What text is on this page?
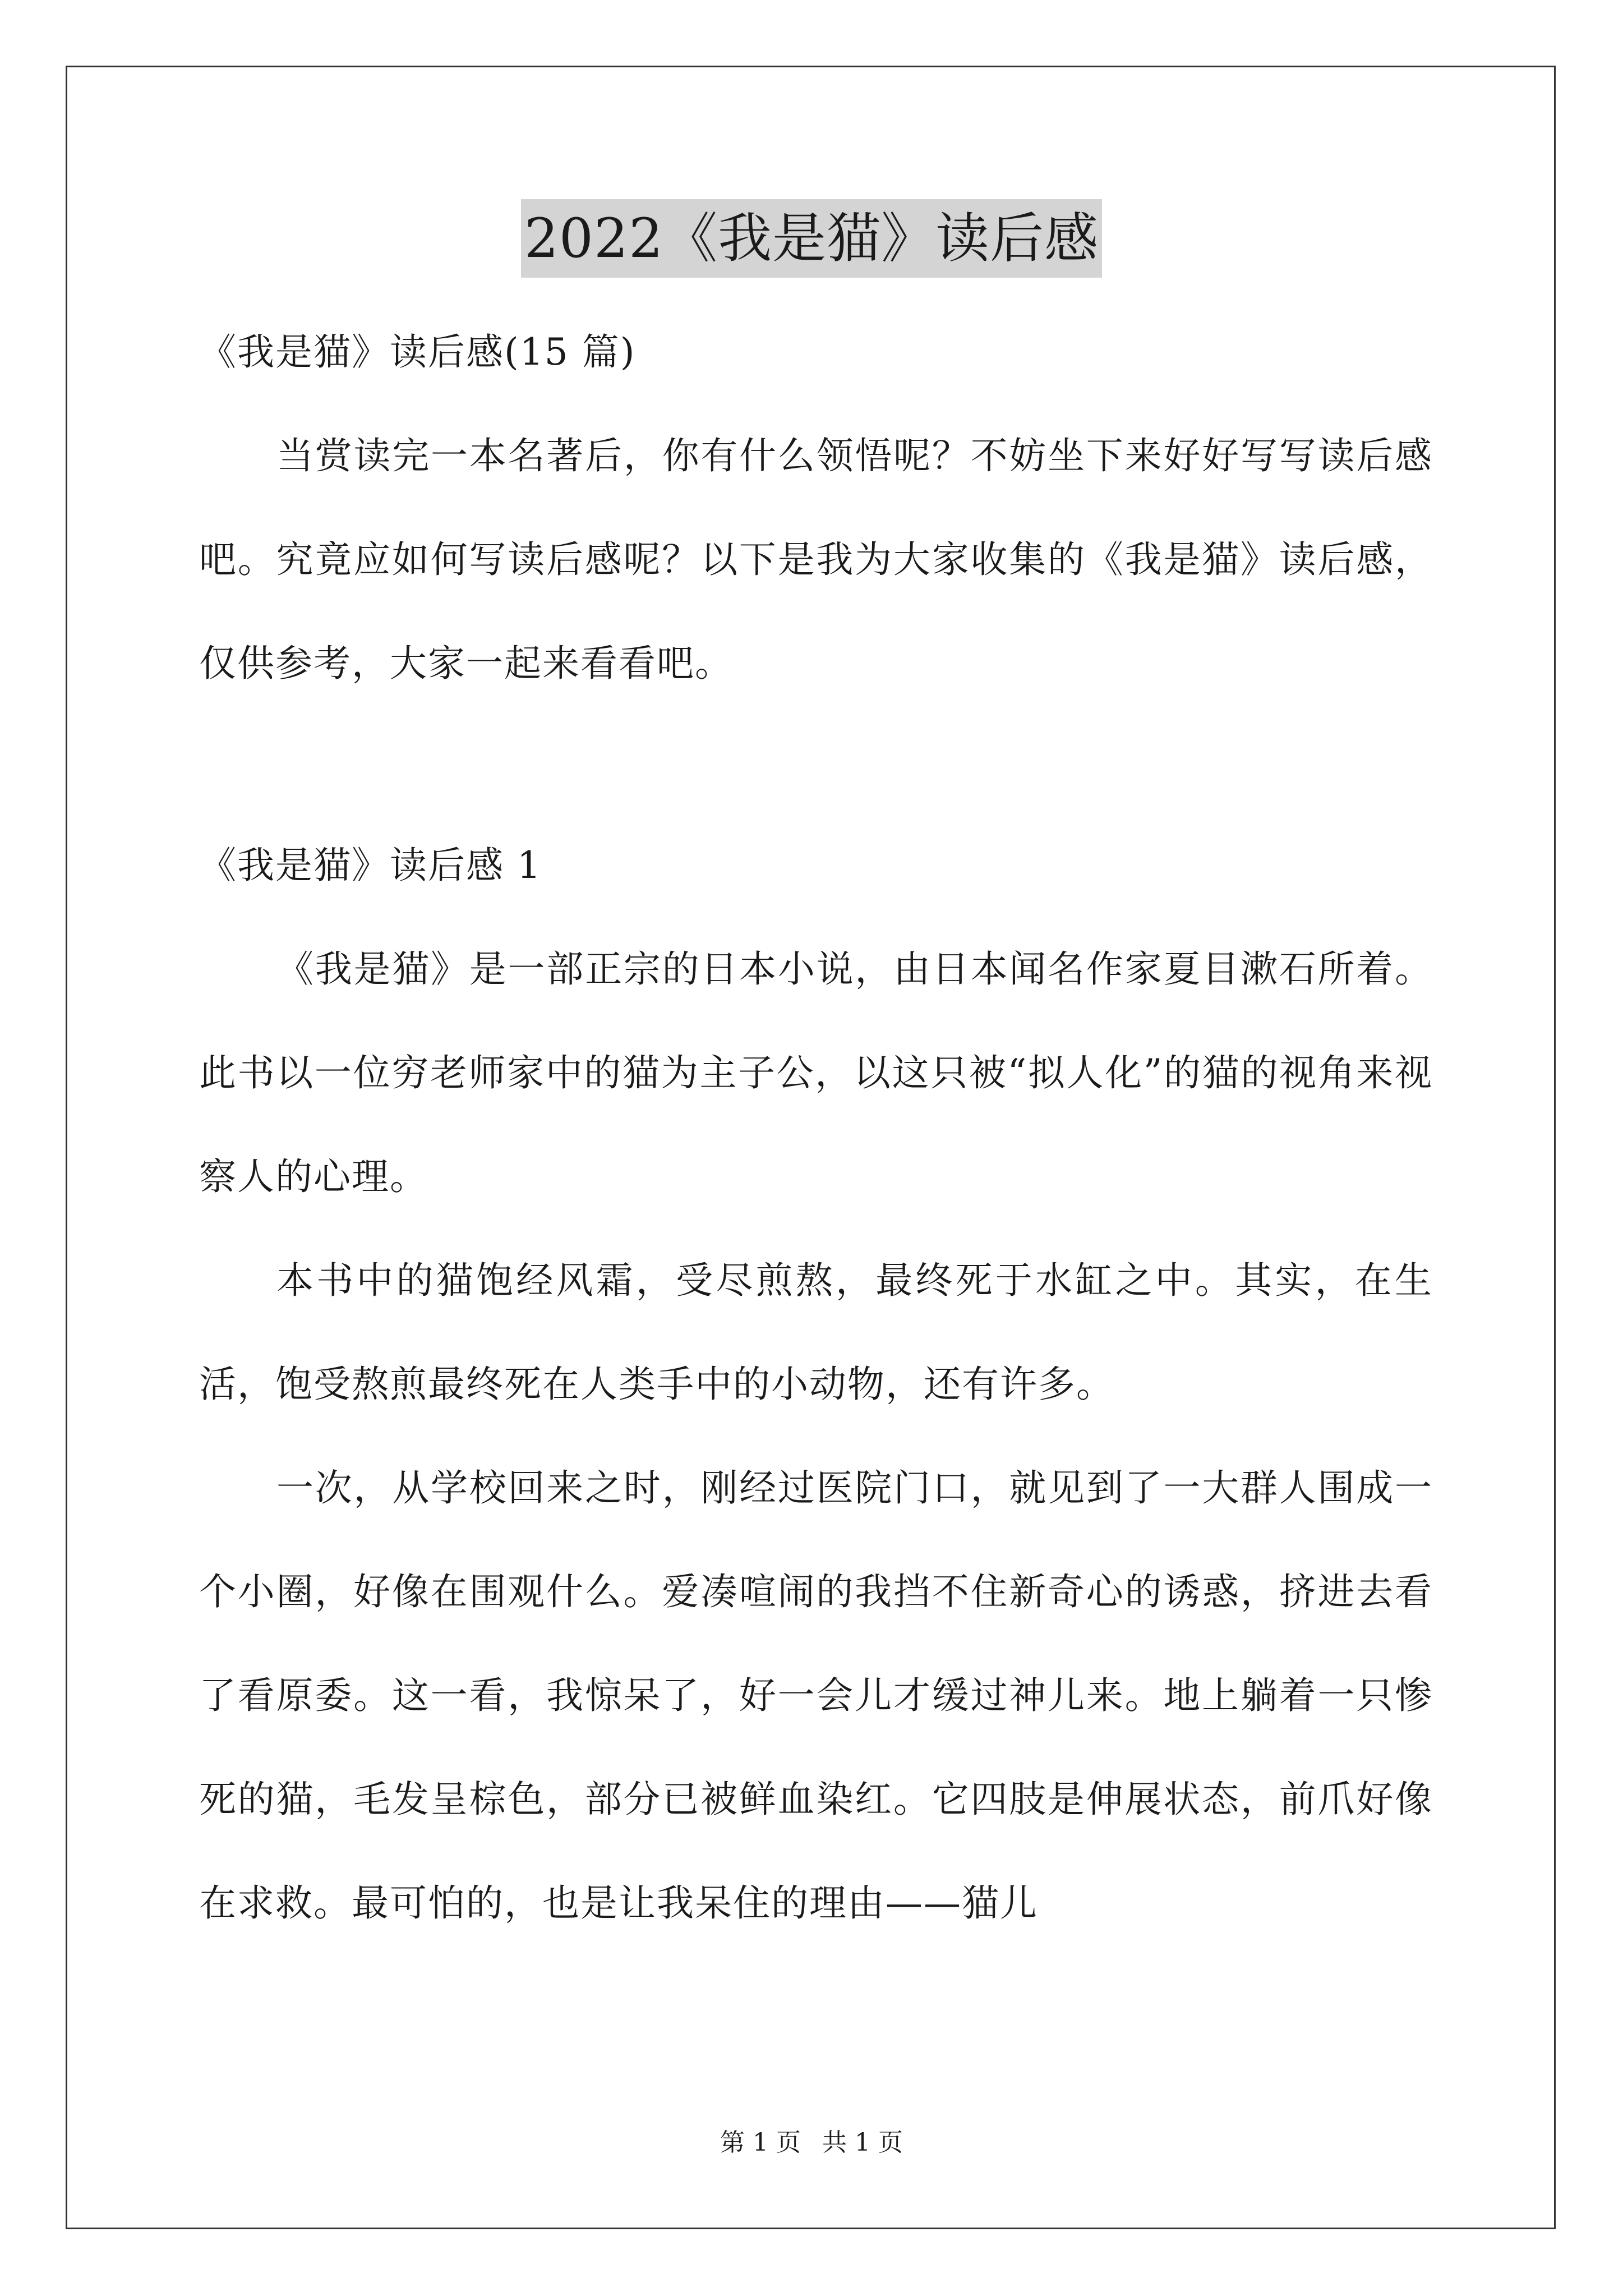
2022《我是猫》读后感

《我是猫》读后感(15 篇)

当赏读完一本名著后，你有什么领悟呢？不妨坐下来好好写写读后感吧。究竟应如何写读后感呢？以下是我为大家收集的《我是猫》读后感，仅供参考，大家一起来看看吧。

《我是猫》读后感 1

《我是猫》是一部正宗的日本小说，由日本闻名作家夏目漱石所着。此书以一位穷老师家中的猫为主子公，以这只被“拟人化”的猫的视角来视察人的心理。

本书中的猫饱经风霜，受尽煎熬，最终死于水缸之中。其实，在生活，饱受熬煎最终死在人类手中的小动物，还有许多。

一次，从学校回来之时，刚经过医院门口，就见到了一大群人围成一个小圈，好像在围观什么。爱凑喧闹的我挡不住新奇心的诱惑，挤进去看了看原委。这一看，我惊呆了，好一会儿才缓过神儿来。地上躺着一只惨死的猫，毛发呈棕色，部分已被鲜血染红。它四肢是伸展状态，前爪好像在求救。最可怕的，也是让我呆住的理由——猫儿

第 1 页 共 1 页
